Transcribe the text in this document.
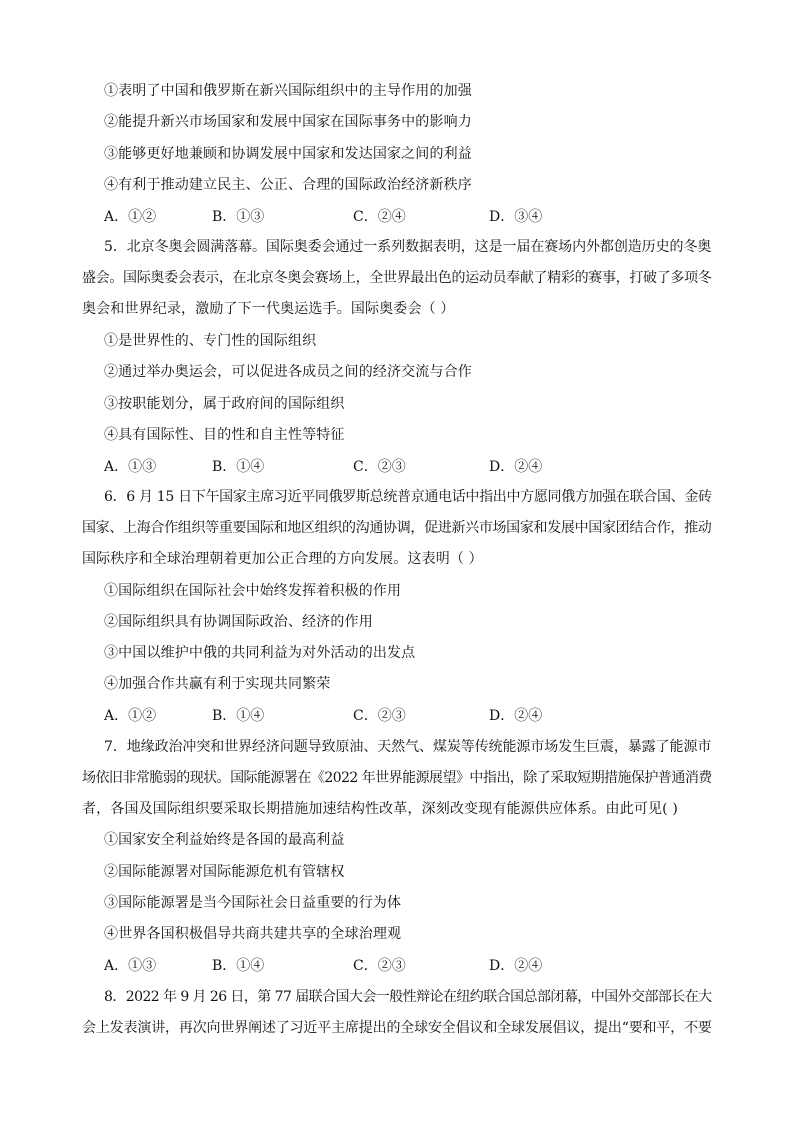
①表明了中国和俄罗斯在新兴国际组织中的主导作用的加强
②能提升新兴市场国家和发展中国家在国际事务中的影响力
③能够更好地兼顾和协调发展中国家和发达国家之间的利益
④有利于推动建立民主、公正、合理的国际政治经济新秩序
A．①②	B．①③	C．②④	D．③④
5．北京冬奥会圆满落幕。国际奥委会通过一系列数据表明，这是一届在赛场内外都创造历史的冬奥
盛会。国际奥委会表示，在北京冬奥会赛场上，全世界最出色的运动员奉献了精彩的赛事，打破了多项冬
奥会和世界纪录，激励了下一代奥运选手。国际奥委会（ ）
①是世界性的、专门性的国际组织
②通过举办奥运会，可以促进各成员之间的经济交流与合作
③按职能划分，属于政府间的国际组织
④具有国际性、目的性和自主性等特征
A．①③	B．①④	C．②③	D．②④
6．6 月 15 日下午国家主席习近平同俄罗斯总统普京通电话中指出中方愿同俄方加强在联合国、金砖
国家、上海合作组织等重要国际和地区组织的沟通协调，促进新兴市场国家和发展中国家团结合作，推动
国际秩序和全球治理朝着更加公正合理的方向发展。这表明（ ）
①国际组织在国际社会中始终发挥着积极的作用
②国际组织具有协调国际政治、经济的作用
③中国以维护中俄的共同利益为对外活动的出发点
④加强合作共赢有利于实现共同繁荣
A．①②	B．①④	C．②③	D．②④
7．地缘政治冲突和世界经济问题导致原油、天然气、煤炭等传统能源市场发生巨震，暴露了能源市
场依旧非常脆弱的现状。国际能源署在《2022 年世界能源展望》中指出，除了采取短期措施保护普通消费
者，各国及国际组织要采取长期措施加速结构性改革，深刻改变现有能源供应体系。由此可见( )
①国家安全利益始终是各国的最高利益
②国际能源署对国际能源危机有管辖权
③国际能源署是当今国际社会日益重要的行为体
④世界各国积极倡导共商共建共享的全球治理观
A．①③	B．①④	C．②③	D．②④
8．2022 年 9 月 26 日，第 77 届联合国大会一般性辩论在纽约联合国总部闭幕，中国外交部部长在大
会上发表演讲，再次向世界阐述了习近平主席提出的全球安全倡议和全球发展倡议，提出“要和平，不要
